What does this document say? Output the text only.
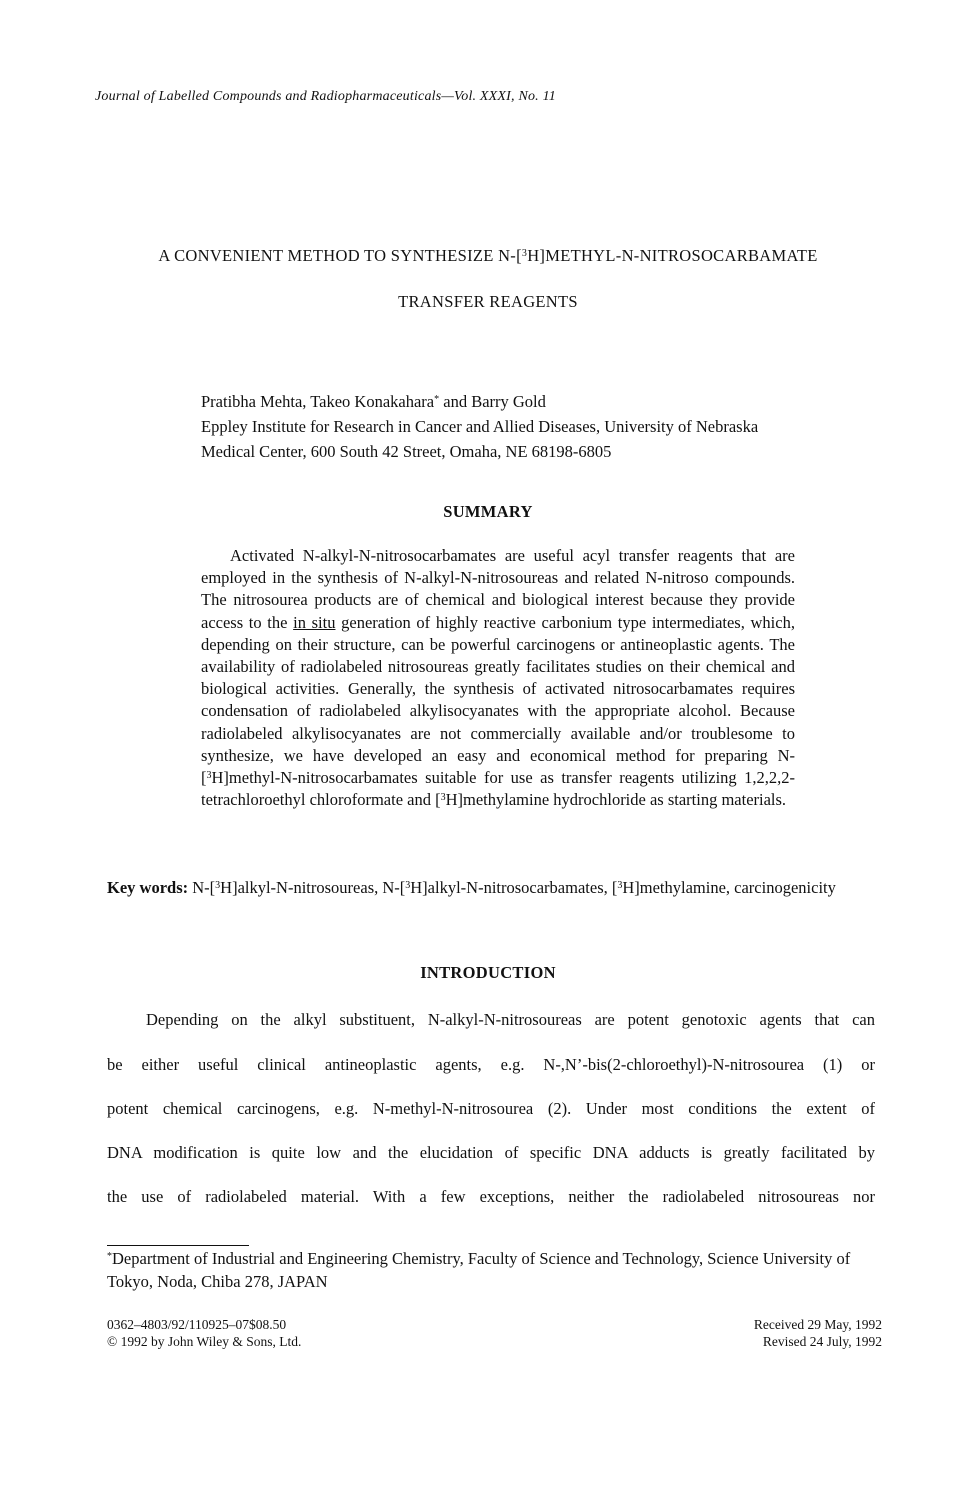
Journal of Labelled Compounds and Radiopharmaceuticals—Vol. XXXI, No. 11
A CONVENIENT METHOD TO SYNTHESIZE N-[$^3$H]METHYL-N-NITROSOCARBAMATE
TRANSFER REAGENTS
Pratibha Mehta, Takeo Konakahara* and Barry Gold
Eppley Institute for Research in Cancer and Allied Diseases, University of Nebraska
Medical Center, 600 South 42 Street, Omaha, NE 68198-6805
SUMMARY

Activated N-alkyl-N-nitrosocarbamates are useful acyl transfer reagents that are employed in the synthesis of N-alkyl-N-nitrosoureas and related N-nitroso compounds. The nitrosourea products are of chemical and biological interest because they provide access to the in situ generation of highly reactive carbonium type intermediates, which, depending on their structure, can be powerful carcinogens or antineoplastic agents. The availability of radiolabeled nitrosoureas greatly facilitates studies on their chemical and biological activities. Generally, the synthesis of activated nitrosocarbamates requires condensation of radiolabeled alkylisocyanates with the appropriate alcohol. Because radiolabeled alkylisocyanates are not commercially available and/or troublesome to synthesize, we have developed an easy and economical method for preparing N-[$^3$H]methyl-N-nitrosocarbamates suitable for use as transfer reagents utilizing 1,2,2,2-tetrachloroethyl chloroformate and [$^3$H]methylamine hydrochloride as starting materials.

Key words: N-[$^3$H]alkyl-N-nitrosoureas, N-[$^3$H]alkyl-N-nitrosocarbamates, [$^3$H]methylamine, carcinogenicity
INTRODUCTION
Depending on the alkyl substituent, N-alkyl-N-nitrosoureas are potent genotoxic agents that can
be either useful clinical antineoplastic agents, e.g. N-,N’-bis(2-chloroethyl)-N-nitrosourea (1) or
potent chemical carcinogens, e.g. N-methyl-N-nitrosourea (2). Under most conditions the extent of
DNA modification is quite low and the elucidation of specific DNA adducts is greatly facilitated by
the use of radiolabeled material. With a few exceptions, neither the radiolabeled nitrosoureas nor
*Department of Industrial and Engineering Chemistry, Faculty of Science and Technology, Science University of Tokyo, Noda, Chiba 278, JAPAN
0362–4803/92/110925–07$08.50
© 1992 by John Wiley & Sons, Ltd.
Received 29 May, 1992
Revised 24 July, 1992
